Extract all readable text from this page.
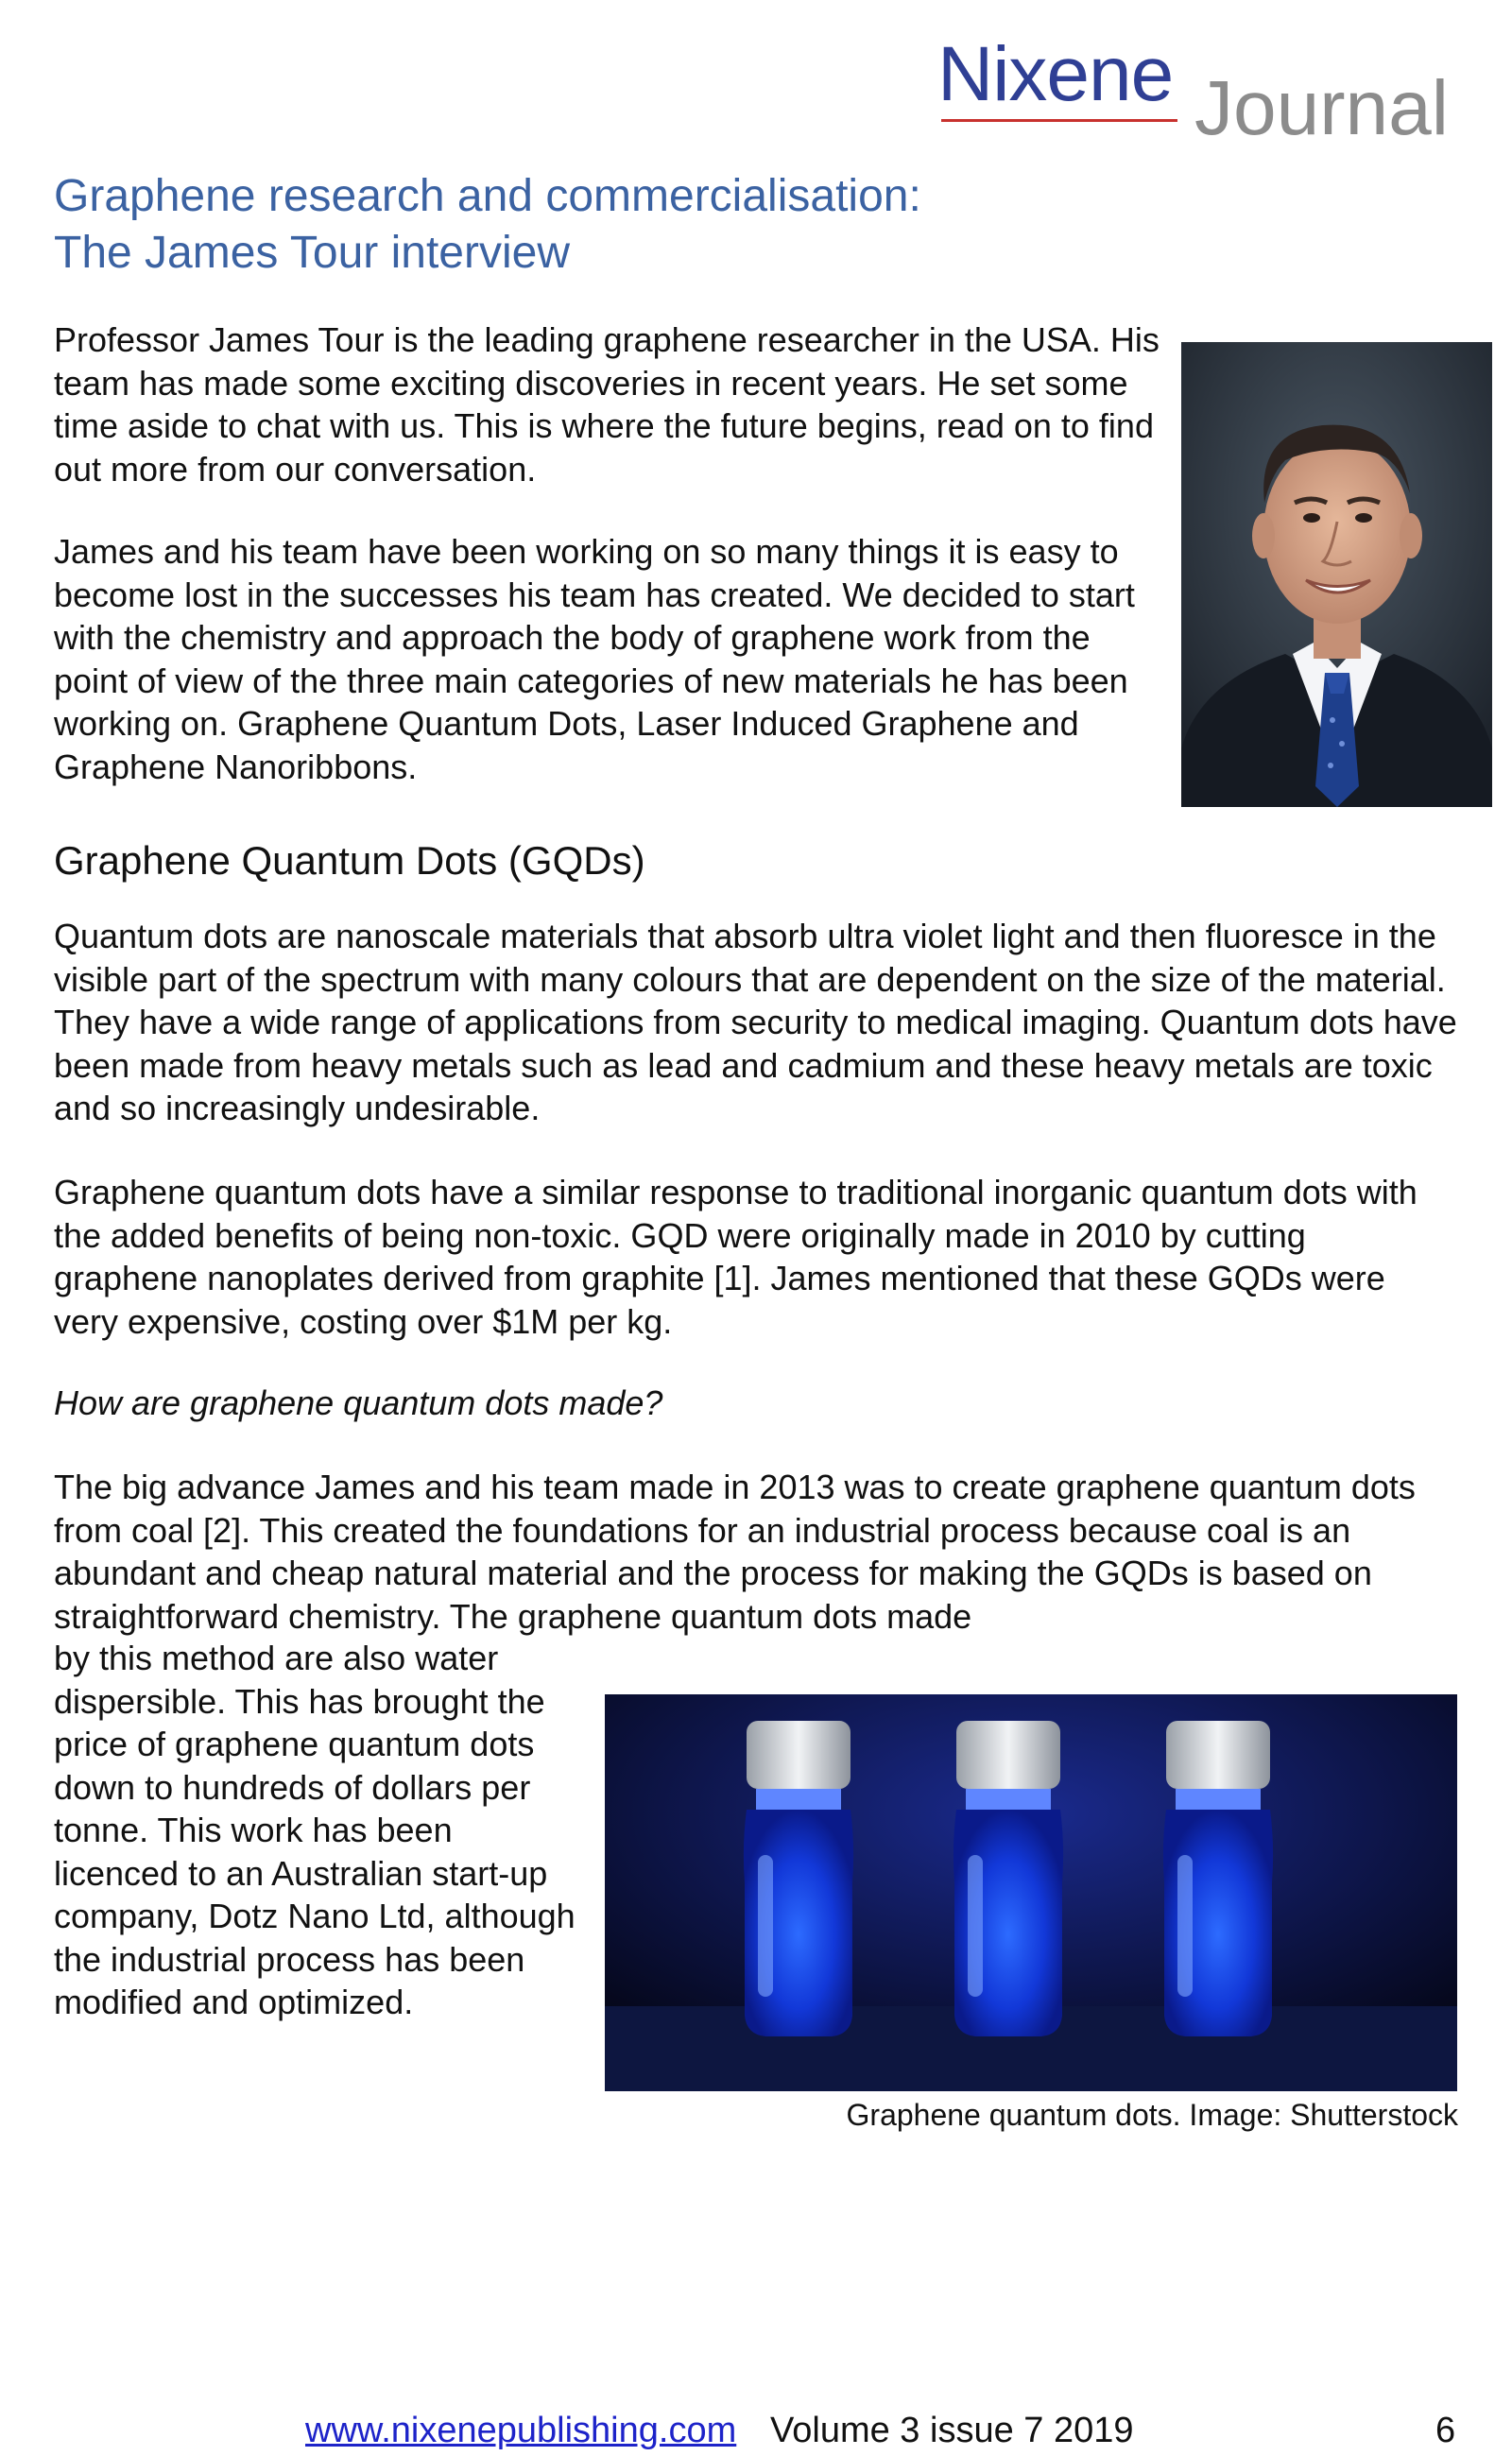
Nixene Journal
Graphene research and commercialisation:
The James Tour interview

Professor James Tour is the leading graphene researcher in the USA. His team has made some exciting discoveries in recent years. He set some time aside to chat with us. This is where the future begins, read on to find out more from our conversation.

James and his team have been working on so many things it is easy to become lost in the successes his team has created. We decided to start with the chemistry and approach the body of graphene work from the point of view of the three main categories of new materials he has been working on. Graphene Quantum Dots, Laser Induced Graphene and Graphene Nanoribbons.

Graphene Quantum Dots (GQDs)

Quantum dots are nanoscale materials that absorb ultra violet light and then fluoresce in the visible part of the spectrum with many colours that are dependent on the size of the material. They have a wide range of applications from security to medical imaging. Quantum dots have been made from heavy metals such as lead and cadmium and these heavy metals are toxic and so increasingly undesirable.

Graphene quantum dots have a similar response to traditional inorganic quantum dots with the added benefits of being non-toxic. GQD were originally made in 2010 by cutting graphene nanoplates derived from graphite [1]. James mentioned that these GQDs were very expensive, costing over $1M per kg.

How are graphene quantum dots made?

The big advance James and his team made in 2013 was to create graphene quantum dots from coal [2]. This created the foundations for an industrial process because coal is an abundant and cheap natural material and the process for making the GQDs is based on straightforward chemistry. The graphene quantum dots made

by this method are also water dispersible. This has brought the price of graphene quantum dots down to hundreds of dollars per tonne. This work has been licenced to an Australian start-up company, Dotz Nano Ltd, although the industrial process has been modified and optimized.

Graphene quantum dots. Image: Shutterstock

www.nixenepublishing.com Volume 3 issue 7 2019	6
